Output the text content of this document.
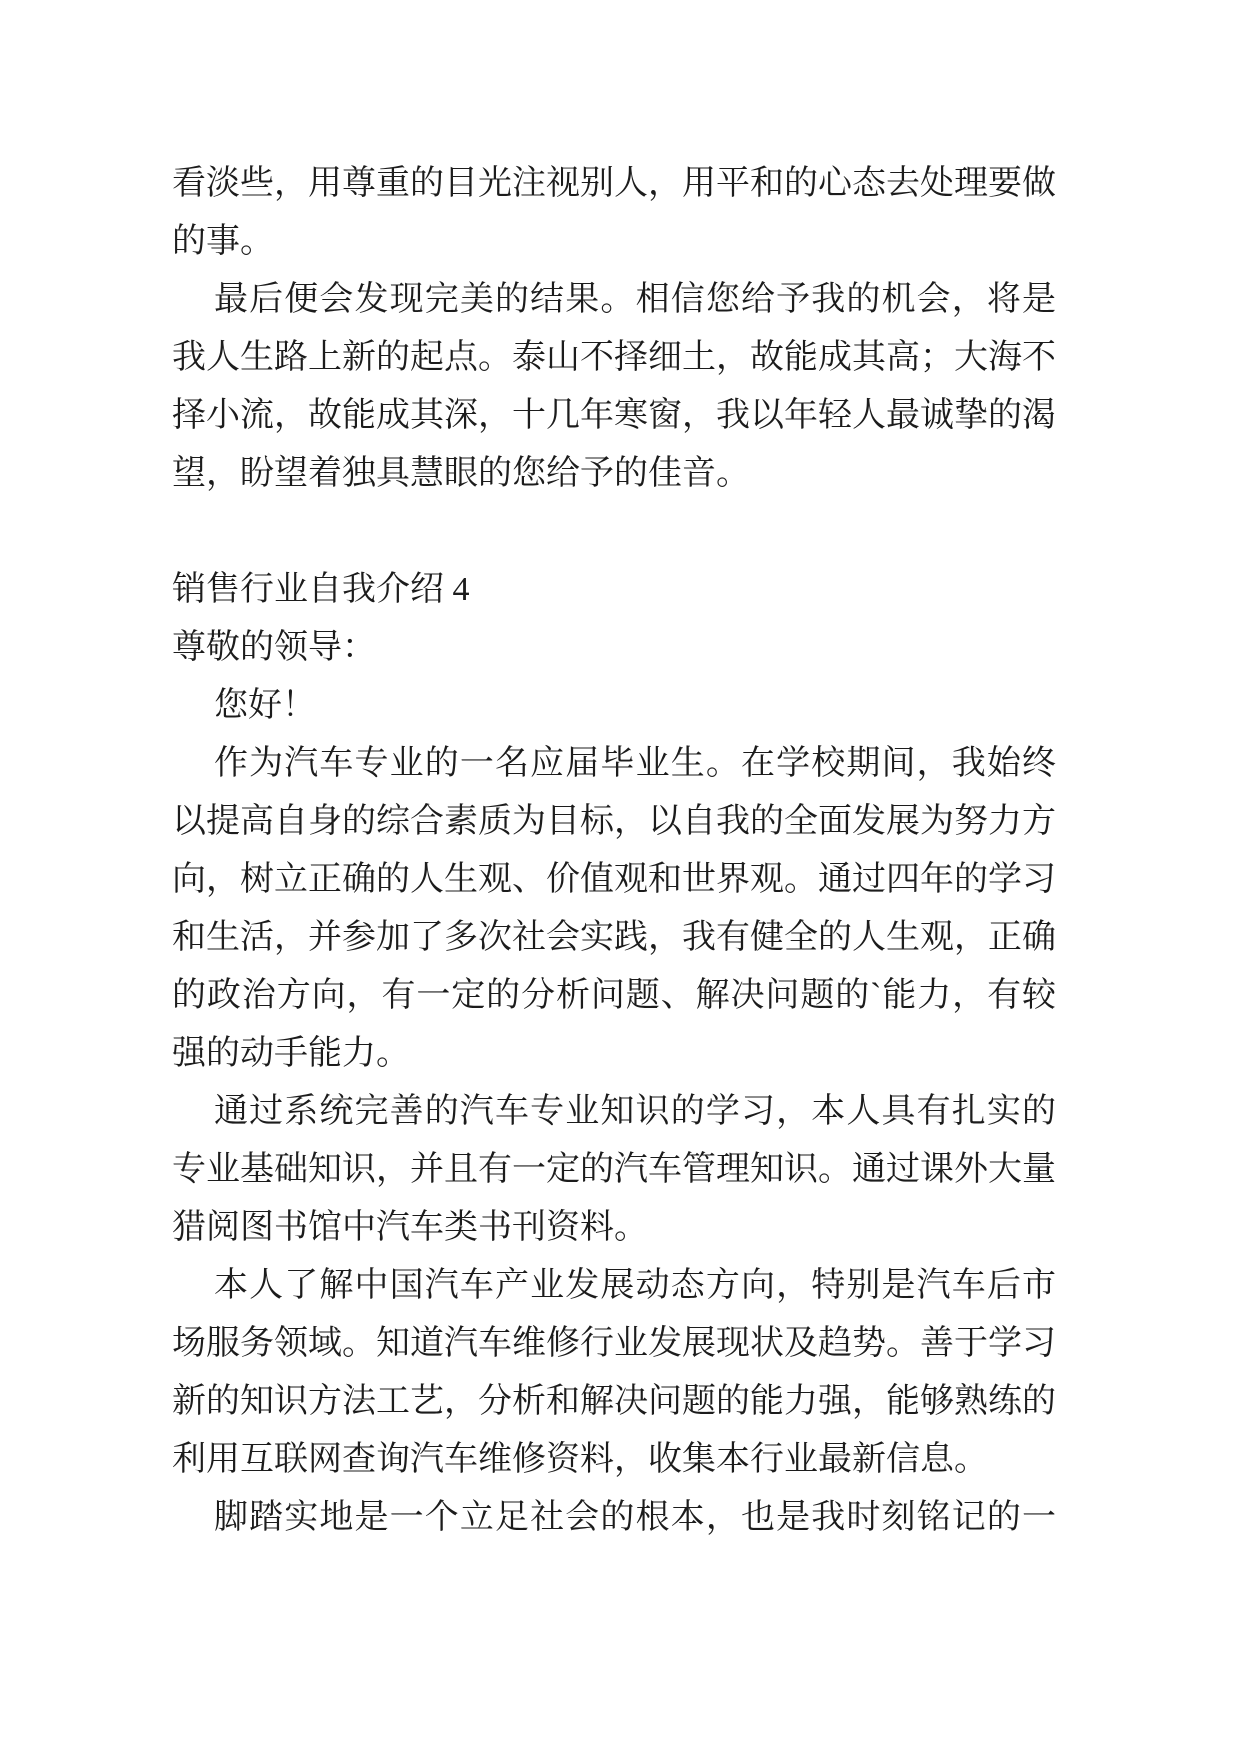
看淡些，用尊重的目光注视别人，用平和的心态去处理要做
的事。
最后便会发现完美的结果。相信您给予我的机会，将是
我人生路上新的起点。泰山不择细土，故能成其高；大海不
择小流，故能成其深，十几年寒窗，我以年轻人最诚挚的渴
望，盼望着独具慧眼的您给予的佳音。
销售行业自我介绍 4
尊敬的领导：
您好！
作为汽车专业的一名应届毕业生。在学校期间，我始终
以提高自身的综合素质为目标，以自我的全面发展为努力方
向，树立正确的人生观、价值观和世界观。通过四年的学习
和生活，并参加了多次社会实践，我有健全的人生观，正确
的政治方向，有一定的分析问题、解决问题的`能力，有较
强的动手能力。
通过系统完善的汽车专业知识的学习，本人具有扎实的
专业基础知识，并且有一定的汽车管理知识。通过课外大量
猎阅图书馆中汽车类书刊资料。
本人了解中国汽车产业发展动态方向，特别是汽车后市
场服务领域。知道汽车维修行业发展现状及趋势。善于学习
新的知识方法工艺，分析和解决问题的能力强，能够熟练的
利用互联网查询汽车维修资料，收集本行业最新信息。
脚踏实地是一个立足社会的根本，也是我时刻铭记的一
